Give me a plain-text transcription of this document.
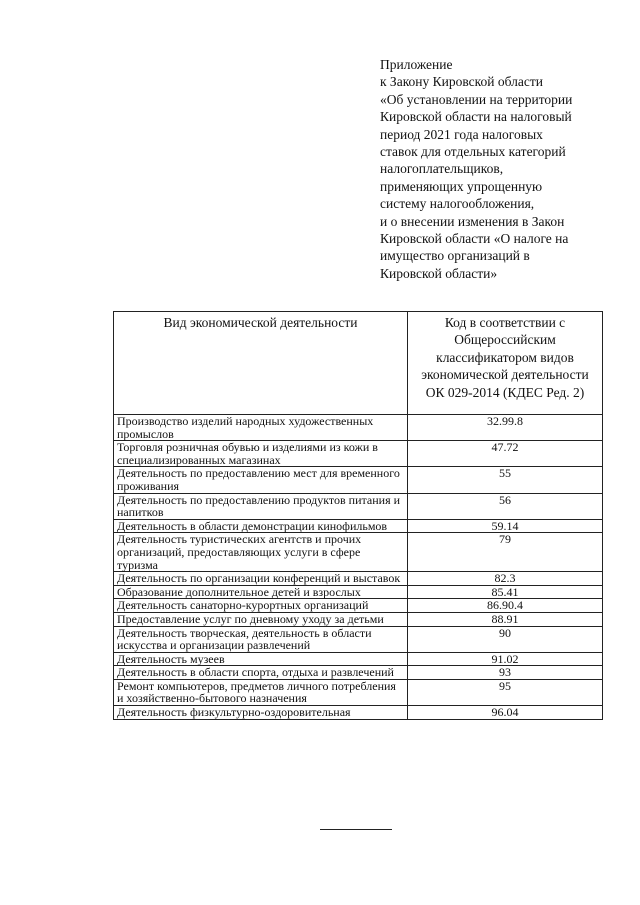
Приложение
к Закону Кировской области
«Об установлении на территории
Кировской области на налоговый
период 2021 года налоговых
ставок для отдельных категорий
налогоплательщиков,
применяющих упрощенную
систему налогообложения,
и о внесении изменения в Закон
Кировской области «О налоге на
имущество организаций в
Кировской области»
Вид экономической деятельности	Код в соответствии с Общероссийским классификатором видов экономической деятельности ОК 029-2014 (КДЕС Ред. 2)
Производство изделий народных художественных промыслов	32.99.8
Торговля розничная обувью и изделиями из кожи в специализированных магазинах	47.72
Деятельность по предоставлению мест для временного проживания	55
Деятельность по предоставлению продуктов питания и напитков	56
Деятельность в области демонстрации кинофильмов	59.14
Деятельность туристических агентств и прочих организаций, предоставляющих услуги в сфере туризма	79
Деятельность по организации конференций и выставок	82.3
Образование дополнительное детей и взрослых	85.41
Деятельность санаторно-курортных организаций	86.90.4
Предоставление услуг по дневному уходу за детьми	88.91
Деятельность творческая, деятельность в области искусства и организации развлечений	90
Деятельность музеев	91.02
Деятельность в области спорта, отдыха и развлечений	93
Ремонт компьютеров, предметов личного потребления и хозяйственно-бытового назначения	95
Деятельность физкультурно-оздоровительная	96.04
